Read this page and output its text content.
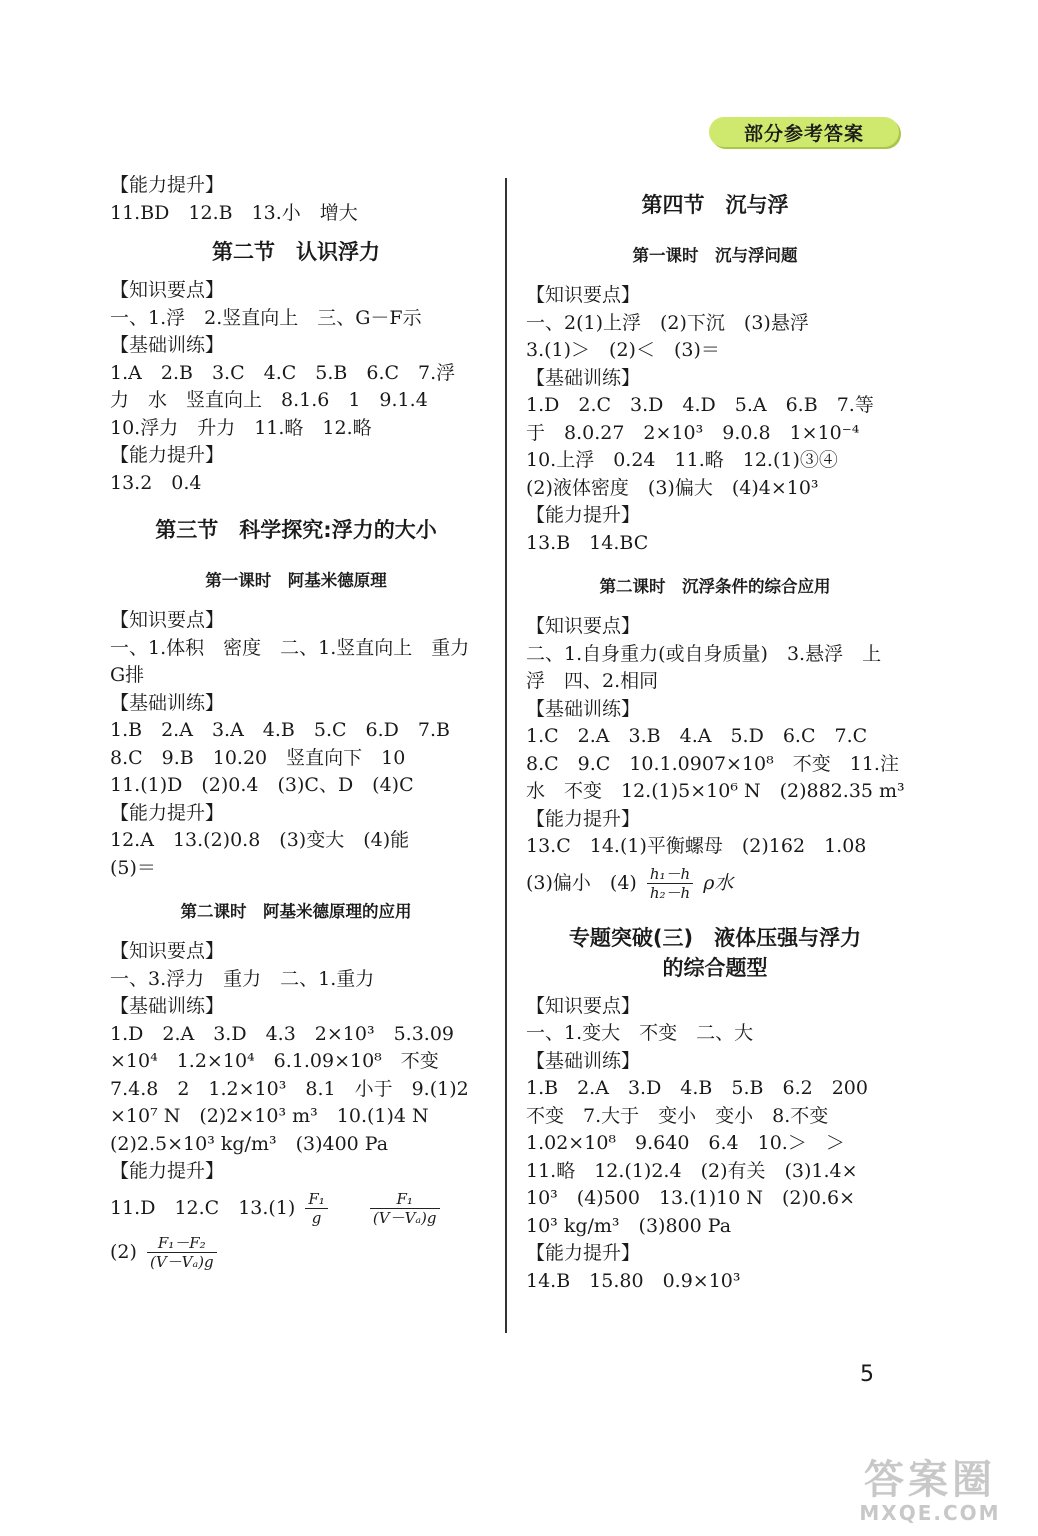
部分参考答案
【能力提升】
11.BD　12.B　13.小　增大
第二节　认识浮力
【知识要点】
一、1.浮　2.竖直向上　三、G－F示
【基础训练】
1.A　2.B　3.C　4.C　5.B　6.C　7.浮
力　水　竖直向上　8.1.6　1　9.1.4
10.浮力　升力　11.略　12.略
【能力提升】
13.2　0.4
第三节　科学探究:浮力的大小
第一课时　阿基米德原理
【知识要点】
一、1.体积　密度　二、1.竖直向上　重力
G排
【基础训练】
1.B　2.A　3.A　4.B　5.C　6.D　7.B
8.C　9.B　10.20　竖直向下　10
11.(1)D　(2)0.4　(3)C、D　(4)C
【能力提升】
12.A　13.(2)0.8　(3)变大　(4)能
(5)＝
第二课时　阿基米德原理的应用
【知识要点】
一、3.浮力　重力　二、1.重力
【基础训练】
1.D　2.A　3.D　4.3　2×10³　5.3.09
×10⁴　1.2×10⁴　6.1.09×10⁸　不变
7.4.8　2　1.2×10³　8.1　小于　9.(1)2
×10⁷ N　(2)2×10³ m³　10.(1)4 N
(2)2.5×10³ kg/m³　(3)400 Pa
【能力提升】
11.D　12.C　$13.(1) \frac{\text{F₁}}{g}$
	$\frac{\text{F₁}}{\text{(V－Vₐ)g}}$
$(2) \frac{\text{F₁－F₂}}{\text{(V－Vₐ)g}}$
第四节　沉与浮
第一课时　沉与浮问题
【知识要点】
一、2(1)上浮　(2)下沉　(3)悬浮
3.(1)＞　(2)＜　(3)＝
【基础训练】
1.D　2.C　3.D　4.D　5.A　6.B　7.等
于　8.0.27　2×10³　9.0.8　1×10⁻⁴
10.上浮　0.24　11.略　12.(1)③④
(2)液体密度　(3)偏大　(4)4×10³
【能力提升】
13.B　14.BC
第二课时　沉浮条件的综合应用
【知识要点】
二、1.自身重力(或自身质量)　3.悬浮　上
浮　四、2.相同
【基础训练】
1.C　2.A　3.B　4.A　5.D　6.C　7.C
8.C　9.C　10.1.0907×10⁸　不变　11.注
水　不变　12.(1)5×10⁶ N　(2)882.35 m³
【能力提升】
13.C　14.(1)平衡螺母　(2)162　1.08
(3)偏小　$(4) \frac{\text{h₁－h}}{\text{h₂－h}}$ ρ水
专题突破(三)　液体压强与浮力
的综合题型
【知识要点】
一、1.变大　不变　二、大
【基础训练】
1.B　2.A　3.D　4.B　5.B　6.2　200
不变　7.大于　变小　变小　8.不变
1.02×10⁸　9.640　6.4　10.＞　＞
11.略　12.(1)2.4　(2)有关　(3)1.4×
10³　(4)500　13.(1)10 N　(2)0.6×
10³ kg/m³　(3)800 Pa
【能力提升】
14.B　15.80　0.9×10³
5
答案圈
MXQE.COM
